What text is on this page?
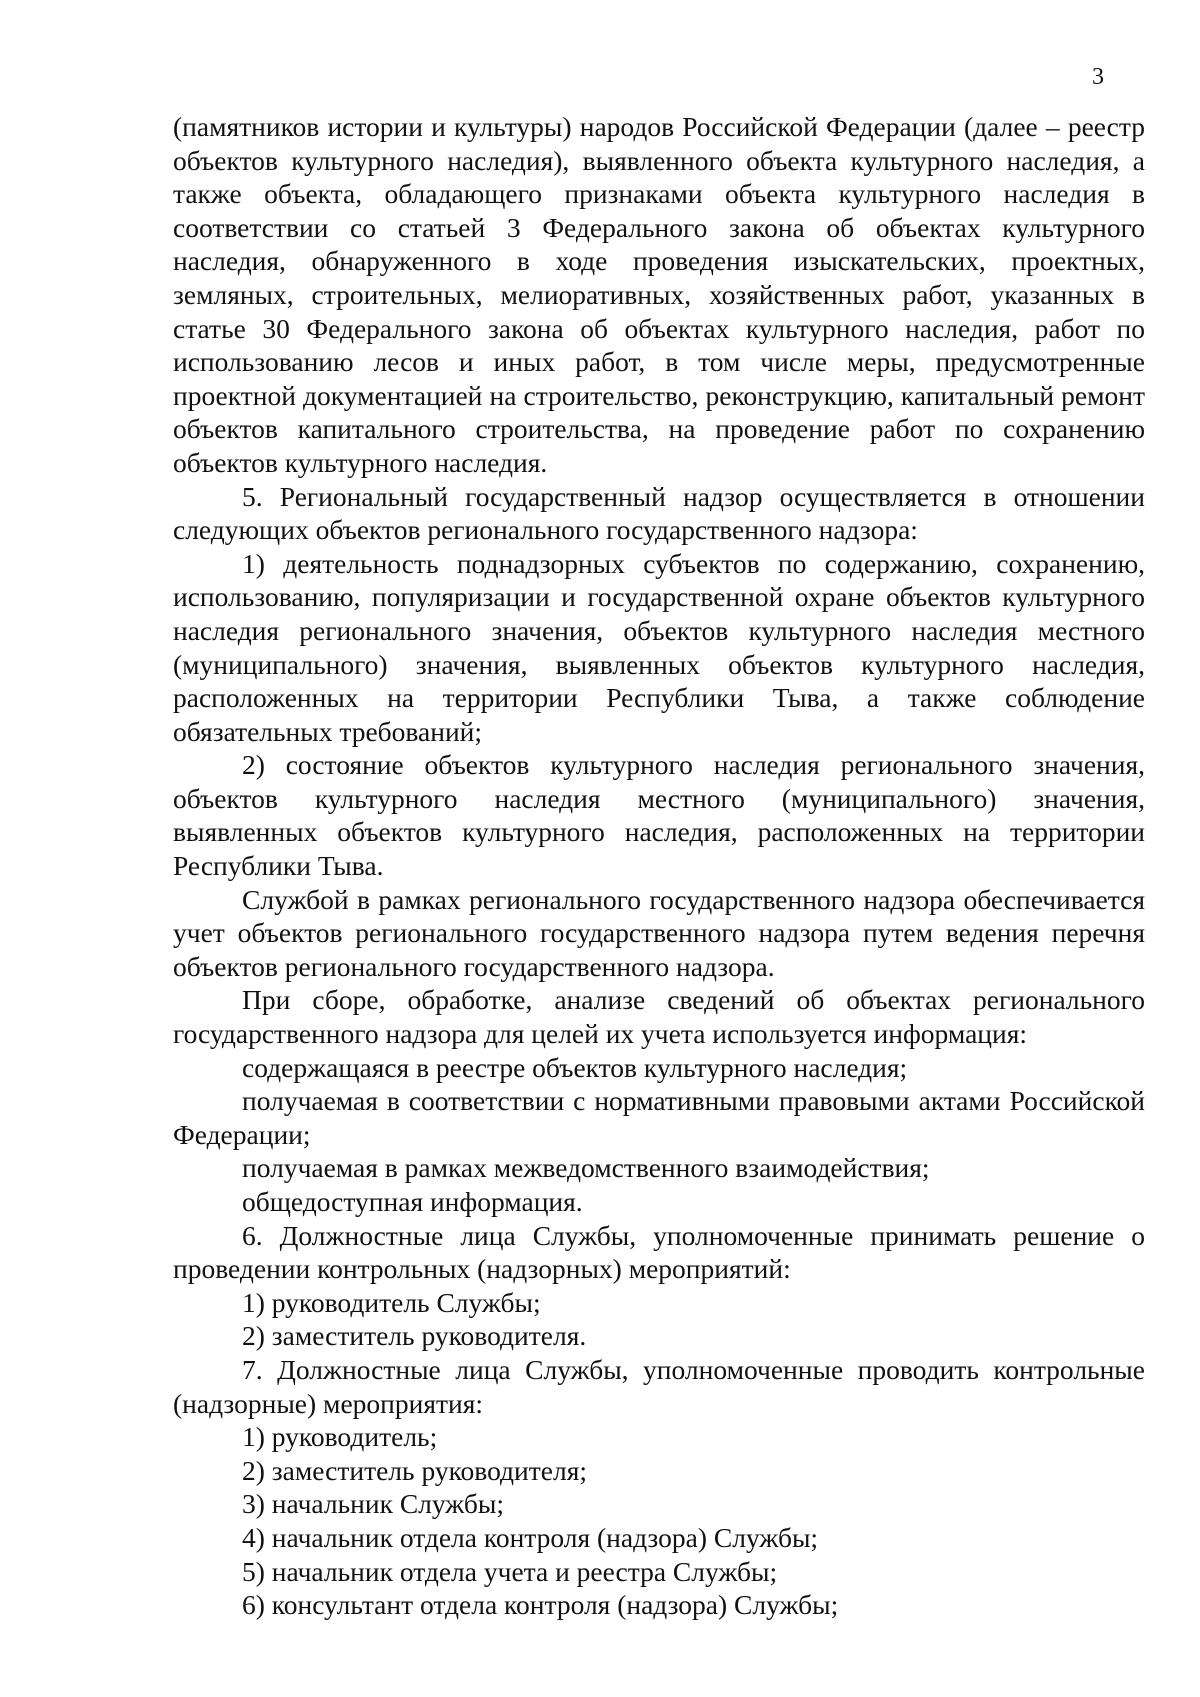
3

(памятников истории и культуры) народов Российской Федерации (далее – реестр объектов культурного наследия), выявленного объекта культурного наследия, а также объекта, обладающего признаками объекта культурного наследия в соответствии со статьей 3 Федерального закона об объектах культурного наследия, обнаруженного в ходе проведения изыскательских, проектных, земляных, строительных, мелиоративных, хозяйственных работ, указанных в статье 30 Федерального закона об объектах культурного наследия, работ по использованию лесов и иных работ, в том числе меры, предусмотренные проектной документацией на строительство, реконструкцию, капитальный ремонт объектов капитального строительства, на проведение работ по сохранению объектов культурного наследия.

5. Региональный государственный надзор осуществляется в отношении следующих объектов регионального государственного надзора:

1) деятельность поднадзорных субъектов по содержанию, сохранению, использованию, популяризации и государственной охране объектов культурного наследия регионального значения, объектов культурного наследия местного (муниципального) значения, выявленных объектов культурного наследия, расположенных на территории Республики Тыва, а также соблюдение обязательных требований;

2) состояние объектов культурного наследия регионального значения, объектов культурного наследия местного (муниципального) значения, выявленных объектов культурного наследия, расположенных на территории Республики Тыва.

Службой в рамках регионального государственного надзора обеспечивается учет объектов регионального государственного надзора путем ведения перечня объектов регионального государственного надзора.

При сборе, обработке, анализе сведений об объектах регионального государственного надзора для целей их учета используется информация:

содержащаяся в реестре объектов культурного наследия;

получаемая в соответствии с нормативными правовыми актами Российской Федерации;

получаемая в рамках межведомственного взаимодействия;

общедоступная информация.

6. Должностные лица Службы, уполномоченные принимать решение о проведении контрольных (надзорных) мероприятий:

1) руководитель Службы;

2) заместитель руководителя.

7. Должностные лица Службы, уполномоченные проводить контрольные (надзорные) мероприятия:

1) руководитель;

2) заместитель руководителя;

3) начальник Службы;

4) начальник отдела контроля (надзора) Службы;

5) начальник отдела учета и реестра Службы;

6) консультант отдела контроля (надзора) Службы;
